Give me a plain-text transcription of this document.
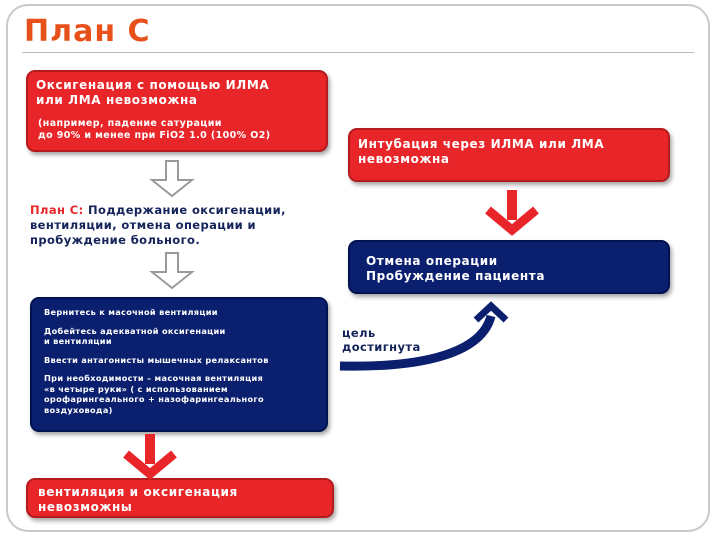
План С

Оксигенация с помощью ИЛМА
или ЛМА невозможна

(например, падение сатурации
до 90% и менее при FiO2 1.0 (100% О2)

Интубация через ИЛМА или ЛМА
невозможна

План С: Поддержание оксигенации,
вентиляции, отмена операции и
пробуждение больного.

Отмена операции
Пробуждение пациента

Вернитесь к масочной вентиляции

Добейтесь адекватной оксигенации
и вентиляции

Ввести антагонисты мышечных релаксантов

При необходимости – масочная вентиляция
«в четыре руки» ( с использованием
орофарингеального + назофарингеального
воздуховода)

цель
достигнута

вентиляция и оксигенация
невозможны
